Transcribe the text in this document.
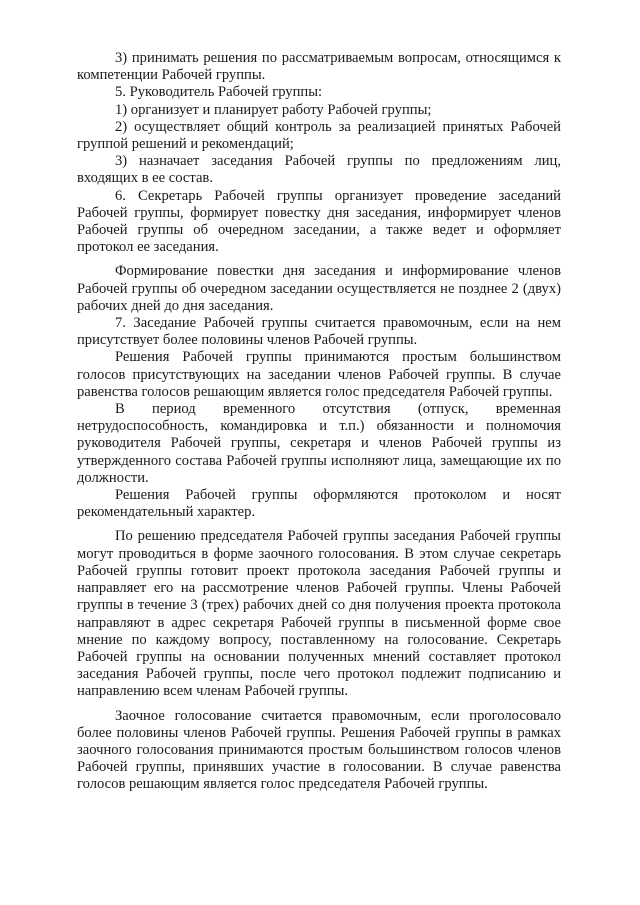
3) принимать решения по рассматриваемым вопросам, относящимся к компетенции Рабочей группы.

5. Руководитель Рабочей группы:

1) организует и планирует работу Рабочей группы;

2) осуществляет общий контроль за реализацией принятых Рабочей группой решений и рекомендаций;

3) назначает заседания Рабочей группы по предложениям лиц, входящих в ее состав.

6. Секретарь Рабочей группы организует проведение заседаний Рабочей группы, формирует повестку дня заседания, информирует членов Рабочей группы об очередном заседании, а также ведет и оформляет протокол ее заседания.

Формирование повестки дня заседания и информирование членов Рабочей группы об очередном заседании осуществляется не позднее 2 (двух) рабочих дней до дня заседания.

7. Заседание Рабочей группы считается правомочным, если на нем присутствует более половины членов Рабочей группы.

Решения Рабочей группы принимаются простым большинством голосов присутствующих на заседании членов Рабочей группы. В случае равенства голосов решающим является голос председателя Рабочей группы.

В период временного отсутствия (отпуск, временная нетрудоспособность, командировка и т.п.) обязанности и полномочия руководителя Рабочей группы, секретаря и членов Рабочей группы из утвержденного состава Рабочей группы исполняют лица, замещающие их по должности.

Решения Рабочей группы оформляются протоколом и носят рекомендательный характер.

По решению председателя Рабочей группы заседания Рабочей группы могут проводиться в форме заочного голосования. В этом случае секретарь Рабочей группы готовит проект протокола заседания Рабочей группы и направляет его на рассмотрение членов Рабочей группы. Члены Рабочей группы в течение 3 (трех) рабочих дней со дня получения проекта протокола направляют в адрес секретаря Рабочей группы в письменной форме свое мнение по каждому вопросу, поставленному на голосование. Секретарь Рабочей группы на основании полученных мнений составляет протокол заседания Рабочей группы, после чего протокол подлежит подписанию и направлению всем членам Рабочей группы.

Заочное голосование считается правомочным, если проголосовало более половины членов Рабочей группы. Решения Рабочей группы в рамках заочного голосования принимаются простым большинством голосов членов Рабочей группы, принявших участие в голосовании. В случае равенства голосов решающим является голос председателя Рабочей группы.
